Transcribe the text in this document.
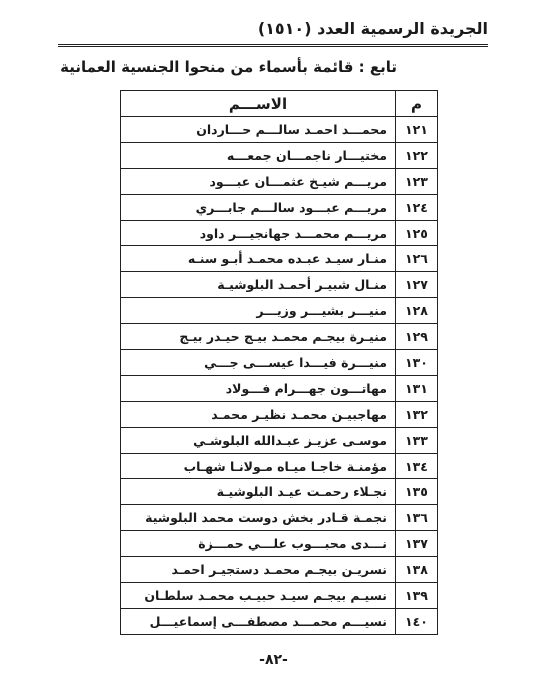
الجريدة الرسمية العدد (١٥١٠)
تابع : قائمة بأسماء من منحوا الجنسية العمانية
م	الاســـم
١٢١	محمـــد احمـد سالـــم حـــاردان
١٢٢	مختيـــار ناجمـــان جمعـــه
١٢٣	مريـــم شيـخ عثمـــان عبـــود
١٢٤	مريـــم عبـــود سالـــم جابـــري
١٢٥	مريـــم محمـــد جهانجيـــر داود
١٢٦	منـار سيـد عبـده محمـد أبـو سنـه
١٢٧	منـال شبيـر أحمـد البلوشيـة
١٢٨	منيـــر بشيـــر وزيـــر
١٢٩	منيـرة بيجـم محمـد بيـج حيـدر بيـج
١٣٠	منيـــرة فيـــدا عيســـى جـــي
١٣١	مهاتـــون جهـــرام فـــولاد
١٣٢	مهاجبيـن محمـد نظيـر محمـد
١٣٣	موسـى عزيـز عبـدالله البلوشـي
١٣٤	مؤمنـة خاجـا ميـاه مـولانـا شهـاب
١٣٥	نجـلاء رحمـت عيـد البلوشيـة
١٣٦	نجمـة قـادر بخش دوست محمد البلوشية
١٣٧	نـــدى محبـــوب علـــي حمـــزة
١٣٨	نسريـن بيجـم محمـد دستجيـر احمـد
١٣٩	نسيـم بيجـم سيـد حبيـب محمـد سلطـان
١٤٠	نسيـــم محمـــد مصطفـــى إسماعيـــل
-٨٢-
